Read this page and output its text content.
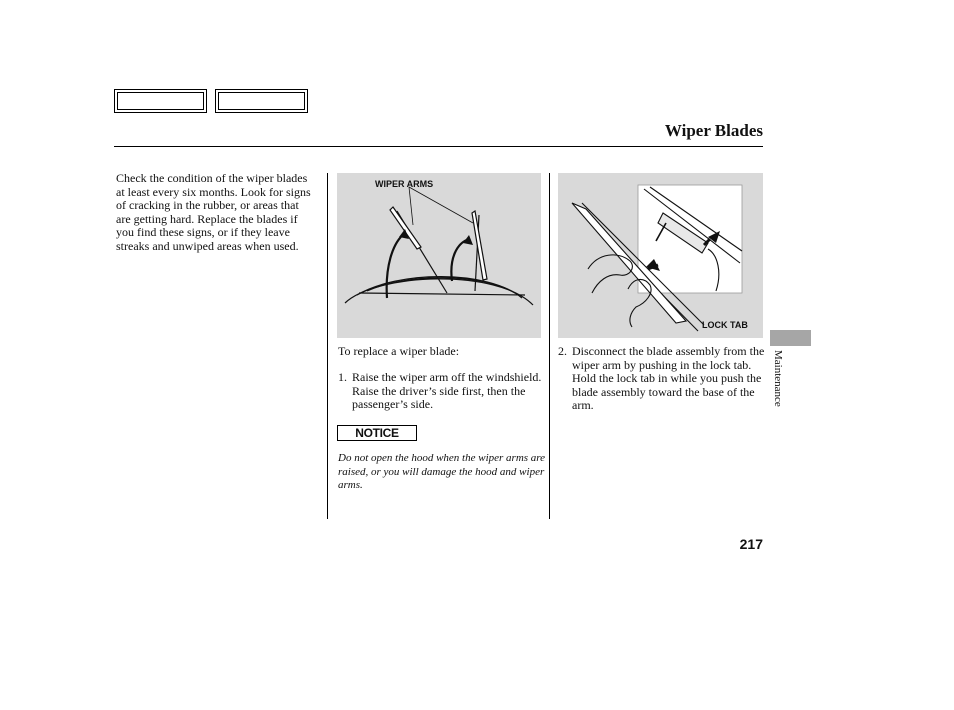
Wiper Blades

Check the condition of the wiper blades at least every six months. Look for signs of cracking in the rubber, or areas that are getting hard. Replace the blades if you find these signs, or if they leave streaks and unwiped areas when used.

WIPER ARMS
LOCK TAB

To replace a wiper blade:

1. Raise the wiper arm off the windshield. Raise the driver’s side first, then the passenger’s side.
NOTICE

Do not open the hood when the wiper arms are raised, or you will damage the hood and wiper arms.

2. Disconnect the blade assembly from the wiper arm by pushing in the lock tab. Hold the lock tab in while you push the blade assembly toward the base of the arm.	Maintenance
217
